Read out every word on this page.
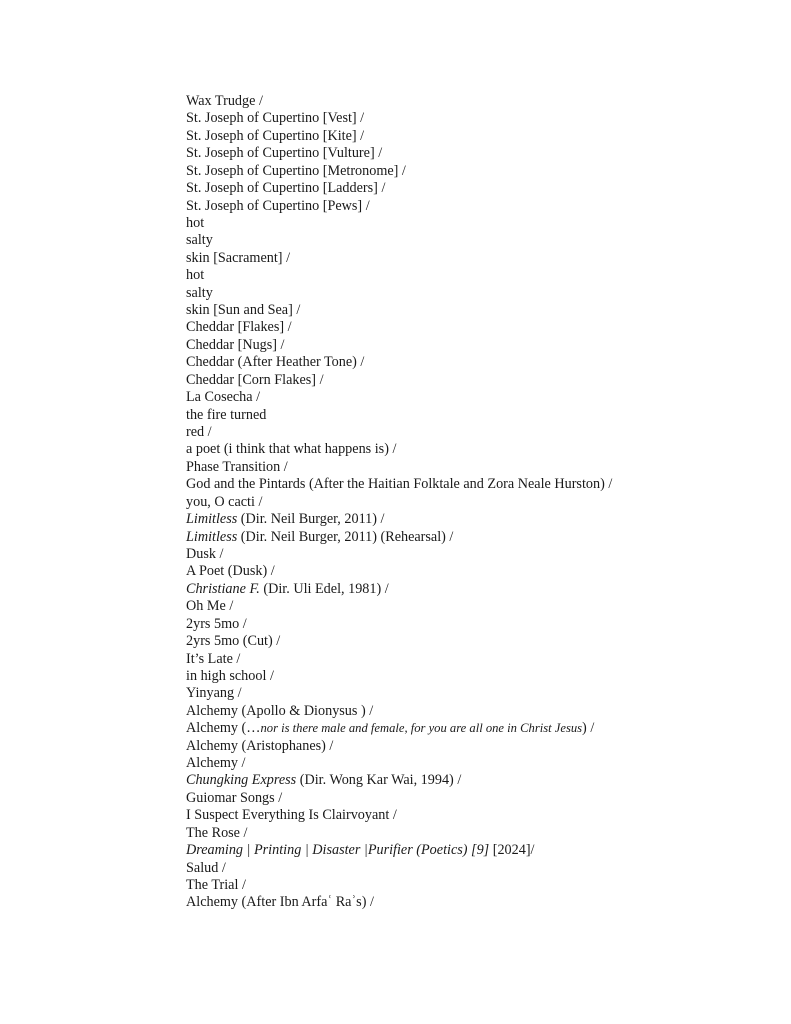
Wax Trudge /
St. Joseph of Cupertino [Vest] /
St. Joseph of Cupertino [Kite] /
St. Joseph of Cupertino [Vulture] /
St. Joseph of Cupertino [Metronome] /
St. Joseph of Cupertino [Ladders] /
St. Joseph of Cupertino [Pews] /
hot
salty
skin [Sacrament] /
hot
salty
skin [Sun and Sea] /
Cheddar [Flakes] /
Cheddar [Nugs] /
Cheddar (After Heather Tone) /
Cheddar [Corn Flakes] /
La Cosecha /
the fire turned
red /
a poet (i think that what happens is) /
Phase Transition /
God and the Pintards (After the Haitian Folktale and Zora Neale Hurston) /
you, O cacti /
Limitless (Dir. Neil Burger, 2011) /
Limitless (Dir. Neil Burger, 2011) (Rehearsal) /
Dusk /
A Poet (Dusk) /
Christiane F. (Dir. Uli Edel, 1981) /
Oh Me /
2yrs 5mo /
2yrs 5mo (Cut) /
It’s Late /
in high school /
Yinyang /
Alchemy (Apollo & Dionysus ) /
Alchemy (…nor is there male and female, for you are all one in Christ Jesus) /
Alchemy (Aristophanes) /
Alchemy /
Chungking Express (Dir. Wong Kar Wai, 1994) /
Guiomar Songs /
I Suspect Everything Is Clairvoyant /
The Rose /
Dreaming | Printing | Disaster |Purifier (Poetics) [9] [2024]/
Salud /
The Trial /
Alchemy (After Ibn Arfaʿ Raʾs) /
